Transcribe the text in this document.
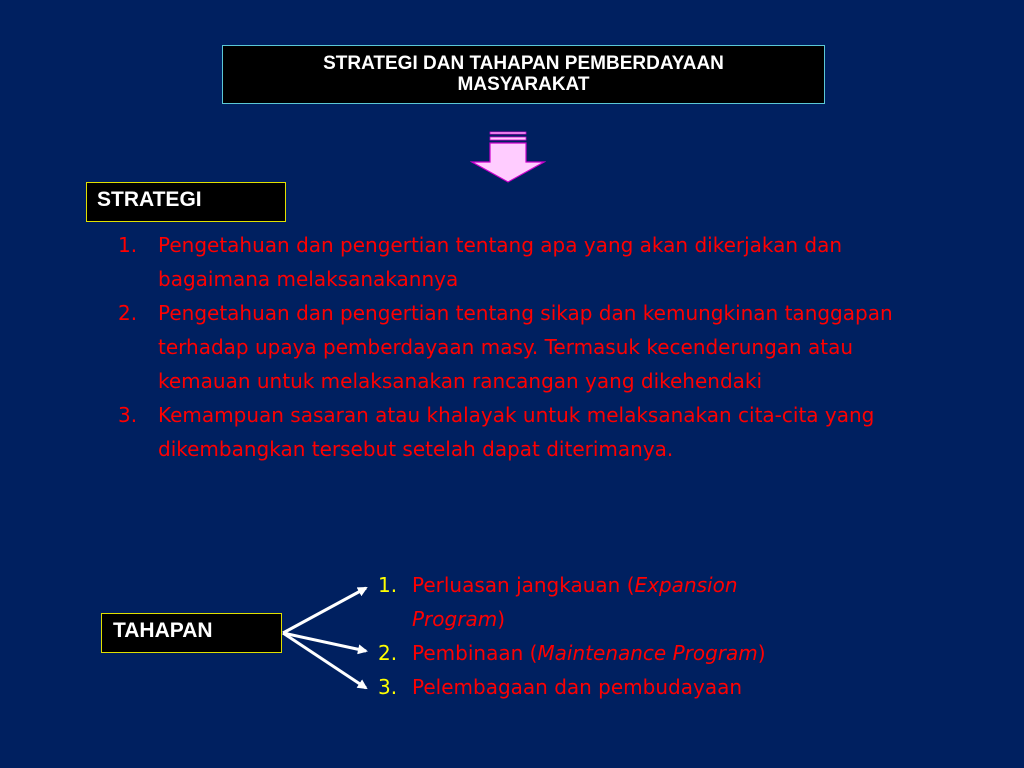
STRATEGI DAN TAHAPAN PEMBERDAYAAN
MASYARAKAT
STRATEGI
1. Pengetahuan dan pengertian tentang apa yang akan dikerjakan dan bagaimana melaksanakannya
2. Pengetahuan dan pengertian tentang sikap dan kemungkinan tanggapan terhadap upaya pemberdayaan masy. Termasuk kecenderungan atau kemauan untuk melaksanakan rancangan yang dikehendaki
3. Kemampuan sasaran atau khalayak untuk melaksanakan cita-cita yang dikembangkan tersebut setelah dapat diterimanya.
TAHAPAN
1. Perluasan jangkauan (Expansion Program)
2. Pembinaan (Maintenance Program)
3. Pelembagaan dan pembudayaan
